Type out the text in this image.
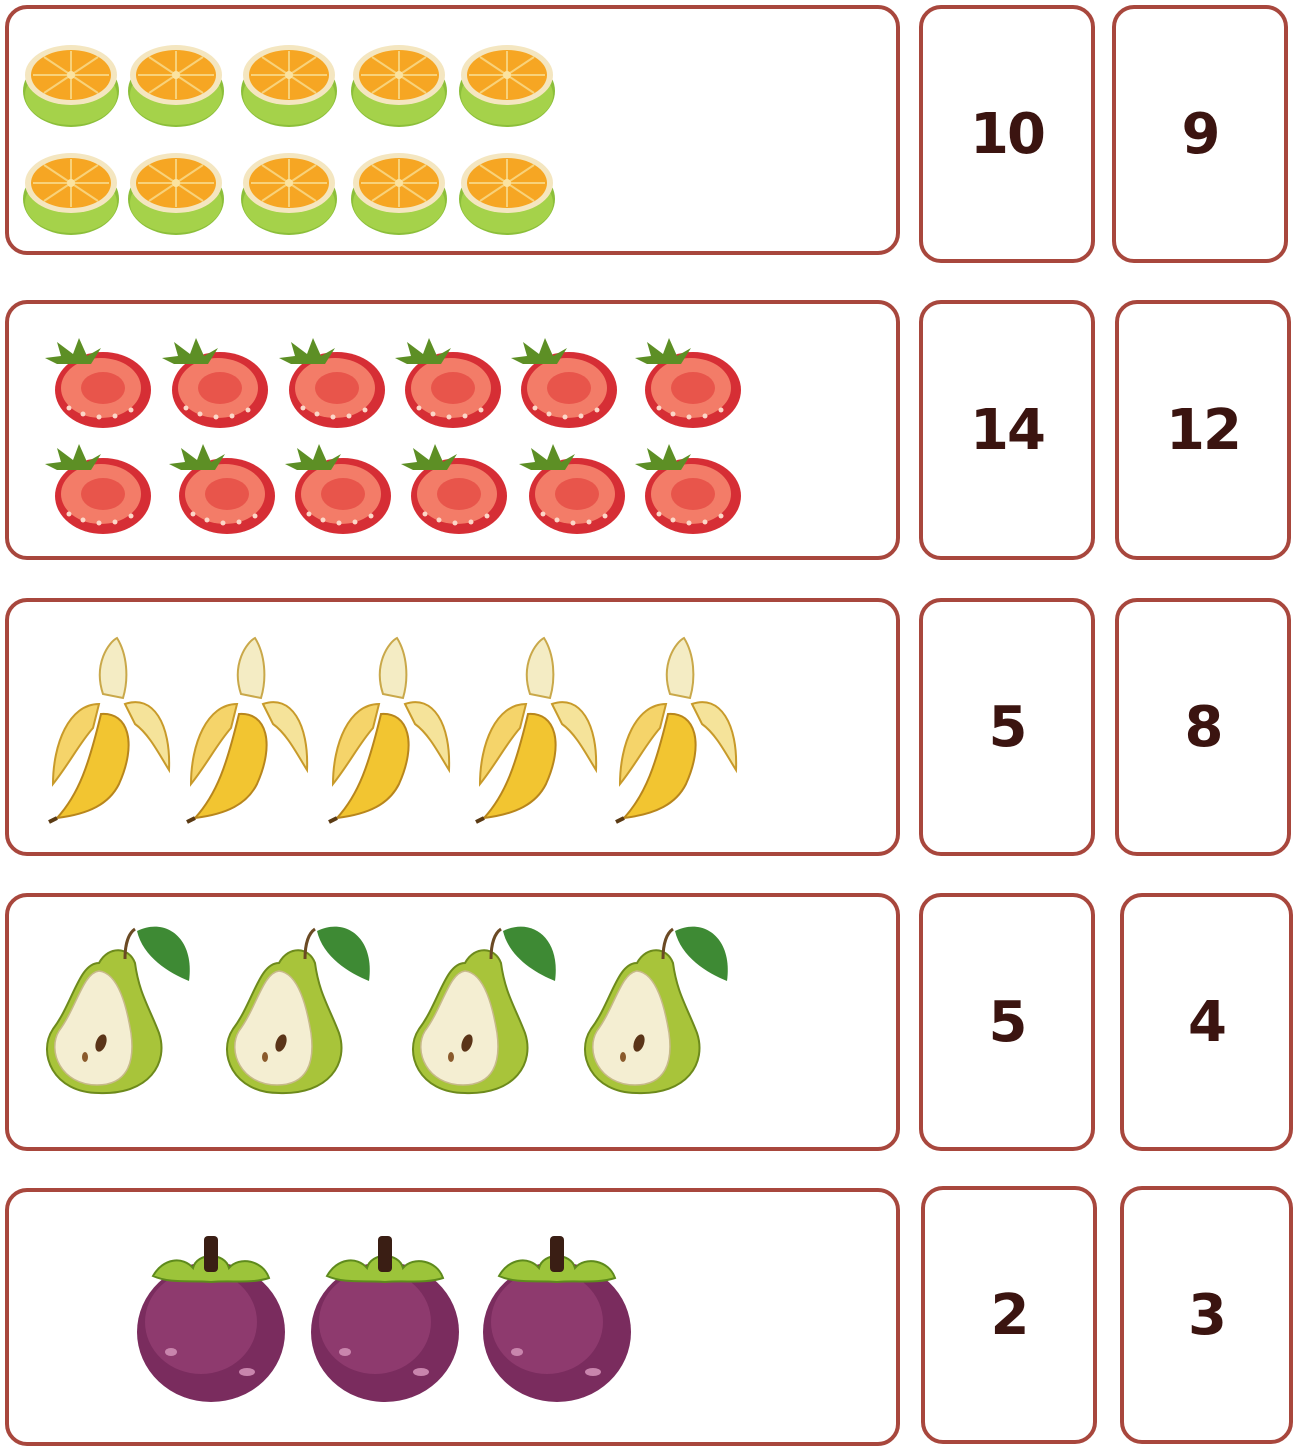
10 9
14 12
5	8
5	4
2	3
